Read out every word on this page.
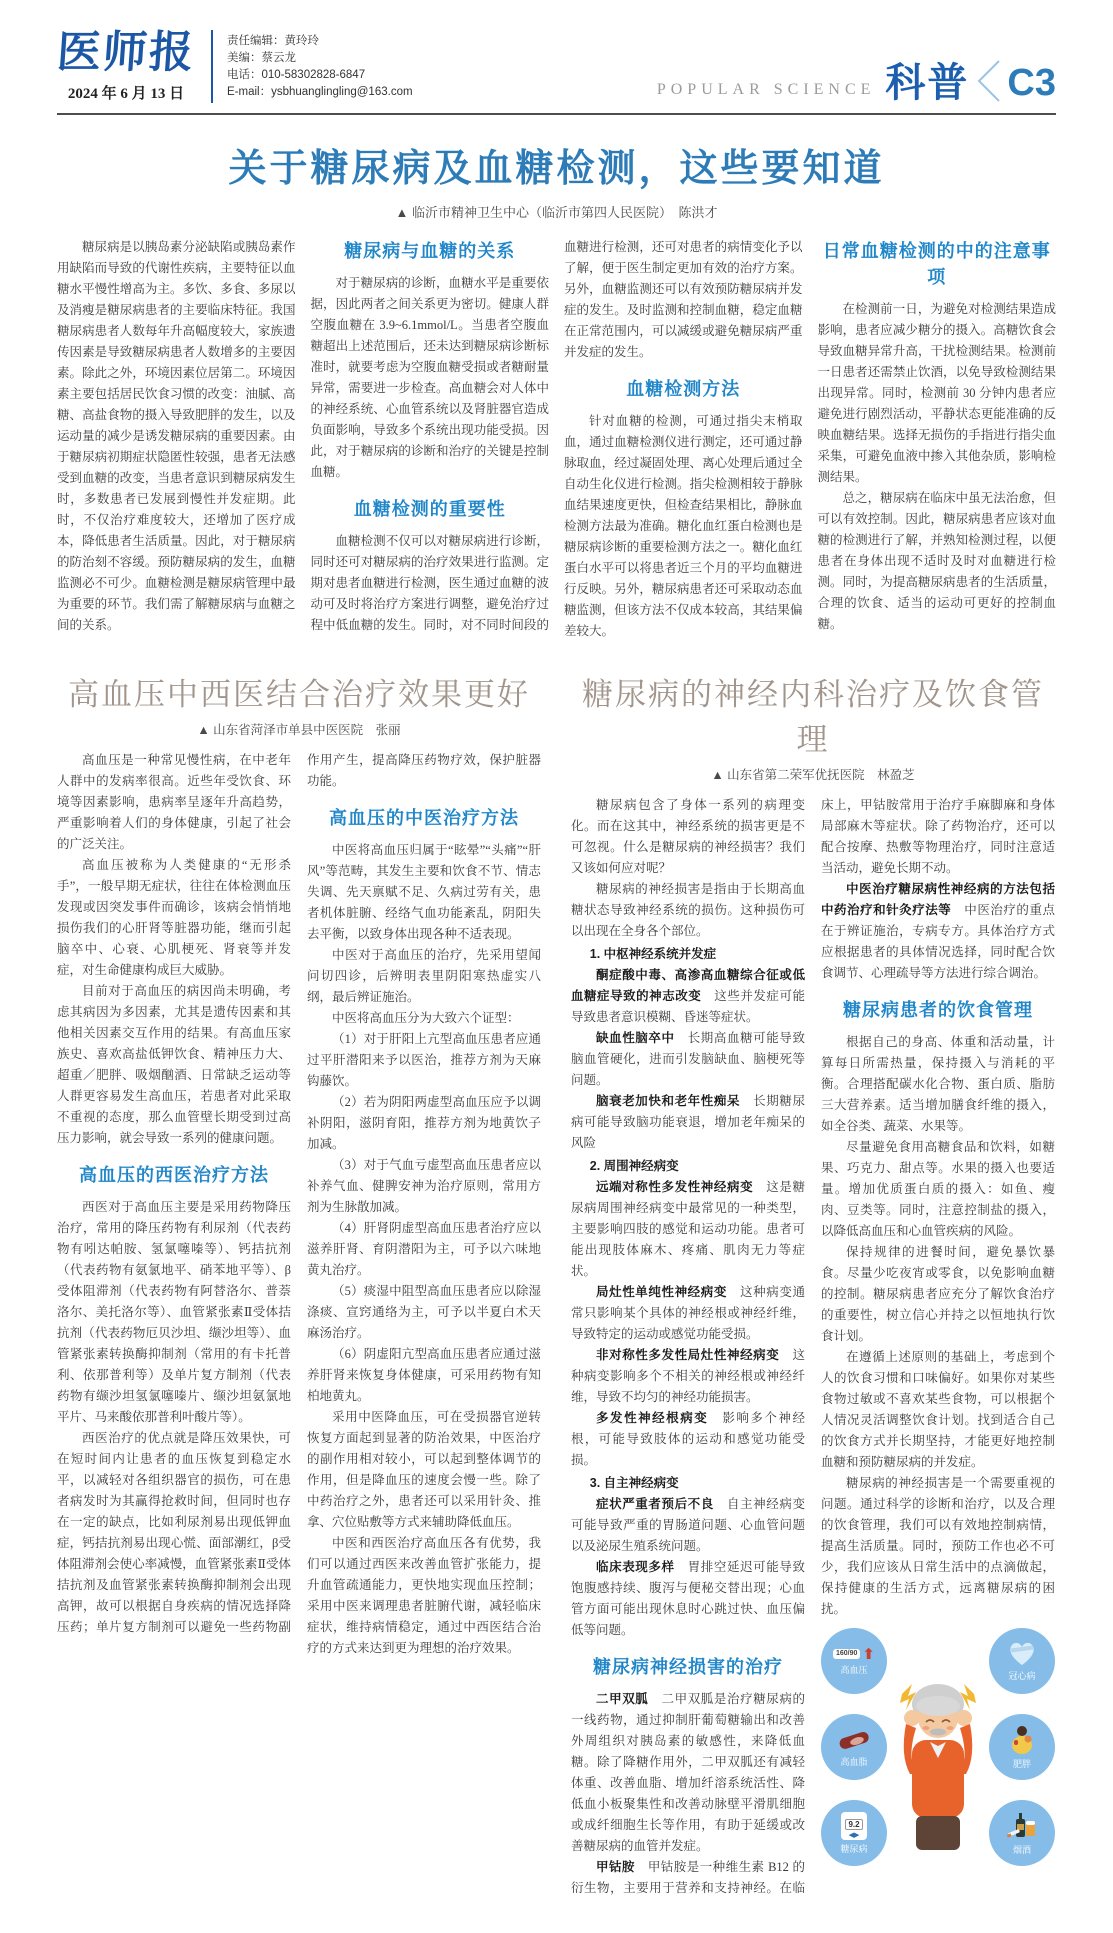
医师报
2024 年 6 月 13 日
责任编辑：黄玲玲
美编：蔡云龙
电话：010-58302828-6847
E-mail：ysbhuanglingling@163.com	POPULAR SCIENCE 科普 C3
关于糖尿病及血糖检测，这些要知道
▲ 临沂市精神卫生中心（临沂市第四人民医院）　陈洪才

糖尿病是以胰岛素分泌缺陷或胰岛素作用缺陷而导致的代谢性疾病，主要特征以血糖水平慢性增高为主。多饮、多食、多尿以及消瘦是糖尿病患者的主要临床特征。我国糖尿病患者人数每年升高幅度较大，家族遗传因素是导致糖尿病患者人数增多的主要因素。除此之外，环境因素位居第二。环境因素主要包括居民饮食习惯的改变：油腻、高糖、高盐食物的摄入导致肥胖的发生，以及运动量的减少是诱发糖尿病的重要因素。由于糖尿病初期症状隐匿性较强，患者无法感受到血糖的改变，当患者意识到糖尿病发生时，多数患者已发展到慢性并发症期。此时，不仅治疗难度较大，还增加了医疗成本，降低患者生活质量。因此，对于糖尿病的防治刻不容缓。预防糖尿病的发生，血糖监测必不可少。血糖检测是糖尿病管理中最为重要的环节。我们需了解糖尿病与血糖之间的关系。

糖尿病与血糖的关系

对于糖尿病的诊断，血糖水平是重要依据，因此两者之间关系更为密切。健康人群空腹血糖在 3.9~6.1mmol/L。当患者空腹血糖超出上述范围后，还未达到糖尿病诊断标准时，就要考虑为空腹血糖受损或者糖耐量异常，需要进一步检查。高血糖会对人体中的神经系统、心血管系统以及肾脏器官造成负面影响，导致多个系统出现功能受损。因此，对于糖尿病的诊断和治疗的关键是控制血糖。

血糖检测的重要性

血糖检测不仅可以对糖尿病进行诊断，同时还可对糖尿病的治疗效果进行监测。定期对患者血糖进行检测，医生通过血糖的波动可及时将治疗方案进行调整，避免治疗过程中低血糖的发生。同时，对不同时间段的血糖进行检测，还可对患者的病情变化予以了解，便于医生制定更加有效的治疗方案。另外，血糖监测还可以有效预防糖尿病并发症的发生。及时监测和控制血糖，稳定血糖在正常范围内，可以减缓或避免糖尿病严重并发症的发生。

血糖检测方法

针对血糖的检测，可通过指尖末梢取血，通过血糖检测仪进行测定，还可通过静脉取血，经过凝固处理、离心处理后通过全自动生化仪进行检测。指尖检测相较于静脉血结果速度更快，但检查结果相比，静脉血检测方法最为准确。糖化血红蛋白检测也是糖尿病诊断的重要检测方法之一。糖化血红蛋白水平可以将患者近三个月的平均血糖进行反映。另外，糖尿病患者还可采取动态血糖监测，但该方法不仅成本较高，其结果偏差较大。

日常血糖检测的中的注意事项

在检测前一日，为避免对检测结果造成影响，患者应减少糖分的摄入。高糖饮食会导致血糖异常升高，干扰检测结果。检测前一日患者还需禁止饮酒，以免导致检测结果出现异常。同时，检测前 30 分钟内患者应避免进行剧烈活动，平静状态更能准确的反映血糖结果。选择无损伤的手指进行指尖血采集，可避免血液中掺入其他杂质，影响检测结果。

总之，糖尿病在临床中虽无法治愈，但可以有效控制。因此，糖尿病患者应该对血糖的检测进行了解，并熟知检测过程，以便患者在身体出现不适时及时对血糖进行检测。同时，为提高糖尿病患者的生活质量，合理的饮食、适当的运动可更好的控制血糖。

高血压中西医结合治疗效果更好
▲ 山东省菏泽市单县中医医院　张丽

高血压是一种常见慢性病，在中老年人群中的发病率很高。近些年受饮食、环境等因素影响，患病率呈逐年升高趋势，严重影响着人们的身体健康，引起了社会的广泛关注。

高血压被称为人类健康的“无形杀手”，一般早期无症状，往往在体检测血压发现或因突发事件而确诊，该病会悄悄地损伤我们的心肝肾等脏器功能，继而引起脑卒中、心衰、心肌梗死、肾衰等并发症，对生命健康构成巨大威胁。

目前对于高血压的病因尚未明确，考虑其病因为多因素，尤其是遗传因素和其他相关因素交互作用的结果。有高血压家族史、喜欢高盐低钾饮食、精神压力大、超重／肥胖、吸烟酗酒、日常缺乏运动等人群更容易发生高血压，若患者对此采取不重视的态度，那么血管壁长期受到过高压力影响，就会导致一系列的健康问题。

高血压的西医治疗方法

西医对于高血压主要是采用药物降压治疗，常用的降压药物有利尿剂（代表药物有吲达帕胺、氢氯噻嗪等）、钙拮抗剂（代表药物有氨氯地平、硝苯地平等）、β受体阻滞剂（代表药物有阿替洛尔、普萘洛尔、美托洛尔等）、血管紧张素Ⅱ受体拮抗剂（代表药物厄贝沙坦、缬沙坦等）、血管紧张素转换酶抑制剂（常用的有卡托普利、依那普利等）及单片复方制剂（代表药物有缬沙坦氢氯噻嗪片、缬沙坦氨氯地平片、马来酸依那普利叶酸片等）。

西医治疗的优点就是降压效果快，可在短时间内让患者的血压恢复到稳定水平，以减轻对各组织器官的损伤，可在患者病发时为其赢得抢救时间，但同时也存在一定的缺点，比如利尿剂易出现低钾血症，钙拮抗剂易出现心慌、面部潮红，β受体阻滞剂会使心率减慢，血管紧张素Ⅱ受体拮抗剂及血管紧张素转换酶抑制剂会出现高钾，故可以根据自身疾病的情况选择降压药；单片复方制剂可以避免一些药物副作用产生，提高降压药物疗效，保护脏器功能。

高血压的中医治疗方法

中医将高血压归属于“眩晕”“头痛”“肝风”等范畴，其发生主要和饮食不节、情志失调、先天禀赋不足、久病过劳有关，患者机体脏腑、经络气血功能紊乱，阴阳失去平衡，以致身体出现各种不适表现。

中医对于高血压的治疗，先采用望闻问切四诊，后辨明表里阴阳寒热虚实八纲，最后辨证施治。

中医将高血压分为大致六个证型：

（1）对于肝阳上亢型高血压患者应通过平肝潜阳来予以医治，推荐方剂为天麻钩藤饮。

（2）若为阴阳两虚型高血压应予以调补阴阳，滋阴育阳，推荐方剂为地黄饮子加减。

（3）对于气血亏虚型高血压患者应以补养气血、健脾安神为治疗原则，常用方剂为生脉散加减。

（4）肝肾阴虚型高血压患者治疗应以滋养肝肾、育阴潜阳为主，可予以六味地黄丸治疗。

（5）痰湿中阻型高血压患者应以除湿涤痰、宣窍通络为主，可予以半夏白术天麻汤治疗。

（6）阴虚阳亢型高血压患者应通过滋养肝肾来恢复身体健康，可采用药物有知柏地黄丸。

采用中医降血压，可在受损器官逆转恢复方面起到显著的防治效果，中医治疗的副作用相对较小，可以起到整体调节的作用，但是降血压的速度会慢一些。除了中药治疗之外，患者还可以采用针灸、推拿、穴位贴敷等方式来辅助降低血压。

中医和西医治疗高血压各有优势，我们可以通过西医来改善血管扩张能力，提升血管疏通能力，更快地实现血压控制；采用中医来调理患者脏腑代谢，减轻临床症状，维持病情稳定，通过中西医结合治疗的方式来达到更为理想的治疗效果。

糖尿病的神经内科治疗及饮食管理
▲ 山东省第二荣军优抚医院　林盈芝

糖尿病包含了身体一系列的病理变化。而在这其中，神经系统的损害更是不可忽视。什么是糖尿病的神经损害？我们又该如何应对呢？

糖尿病的神经损害是指由于长期高血糖状态导致神经系统的损伤。这种损伤可以出现在全身各个部位。

1. 中枢神经系统并发症

酮症酸中毒、高渗高血糖综合征或低血糖症导致的神志改变　这些并发症可能导致患者意识模糊、昏迷等症状。

缺血性脑卒中　长期高血糖可能导致脑血管硬化，进而引发脑缺血、脑梗死等问题。

脑衰老加快和老年性痴呆　长期糖尿病可能导致脑功能衰退，增加老年痴呆的风险

2. 周围神经病变

远端对称性多发性神经病变　这是糖尿病周围神经病变中最常见的一种类型，主要影响四肢的感觉和运动功能。患者可能出现肢体麻木、疼痛、肌肉无力等症状。

局灶性单纯性神经病变　这种病变通常只影响某个具体的神经根或神经纤维，导致特定的运动或感觉功能受损。

非对称性多发性局灶性神经病变　这种病变影响多个不相关的神经根或神经纤维，导致不均匀的神经功能损害。

多发性神经根病变　影响多个神经根，可能导致肢体的运动和感觉功能受损。

3. 自主神经病变

症状严重者预后不良　自主神经病变可能导致严重的胃肠道问题、心血管问题以及泌尿生殖系统问题。

临床表现多样　胃排空延迟可能导致饱腹感持续、腹泻与便秘交替出现；心血管方面可能出现休息时心跳过快、血压偏低等问题。

糖尿病神经损害的治疗

二甲双胍　二甲双胍是治疗糖尿病的一线药物，通过抑制肝葡萄糖输出和改善外周组织对胰岛素的敏感性，来降低血糖。除了降糖作用外，二甲双胍还有减轻体重、改善血脂、增加纤溶系统活性、降低血小板聚集性和改善动脉壁平滑肌细胞或成纤细胞生长等作用，有助于延缓或改善糖尿病的血管并发症。

甲钴胺　甲钴胺是一种维生素 B12 的衍生物，主要用于营养和支持神经。在临床上，甲钴胺常用于治疗手麻脚麻和身体局部麻木等症状。除了药物治疗，还可以配合按摩、热敷等物理治疗，同时注意适当活动，避免长期不动。

中医治疗糖尿病性神经病的方法包括中药治疗和针灸疗法等　中医治疗的重点在于辨证施治，专病专方。具体治疗方式应根据患者的具体情况选择，同时配合饮食调节、心理疏导等方法进行综合调治。

糖尿病患者的饮食管理

根据自己的身高、体重和活动量，计算每日所需热量，保持摄入与消耗的平衡。合理搭配碳水化合物、蛋白质、脂肪三大营养素。适当增加膳食纤维的摄入，如全谷类、蔬菜、水果等。

尽量避免食用高糖食品和饮料，如糖果、巧克力、甜点等。水果的摄入也要适量。增加优质蛋白质的摄入：如鱼、瘦肉、豆类等。同时，注意控制盐的摄入，以降低高血压和心血管疾病的风险。

保持规律的进餐时间，避免暴饮暴食。尽量少吃夜宵或零食，以免影响血糖的控制。糖尿病患者应充分了解饮食治疗的重要性，树立信心并持之以恒地执行饮食计划。

在遵循上述原则的基础上，考虑到个人的饮食习惯和口味偏好。如果你对某些食物过敏或不喜欢某些食物，可以根据个人情况灵活调整饮食计划。找到适合自己的饮食方式并长期坚持，才能更好地控制血糖和预防糖尿病的并发症。

糖尿病的神经损害是一个需要重视的问题。通过科学的诊断和治疗，以及合理的饮食管理，我们可以有效地控制病情，提高生活质量。同时，预防工作也必不可少，我们应该从日常生活中的点滴做起，保持健康的生活方式，远离糖尿病的困扰。

160/90 ⬆
高血压
冠心病
高血脂	肥胖
9.2
◀▶
糖尿病	烟酒
